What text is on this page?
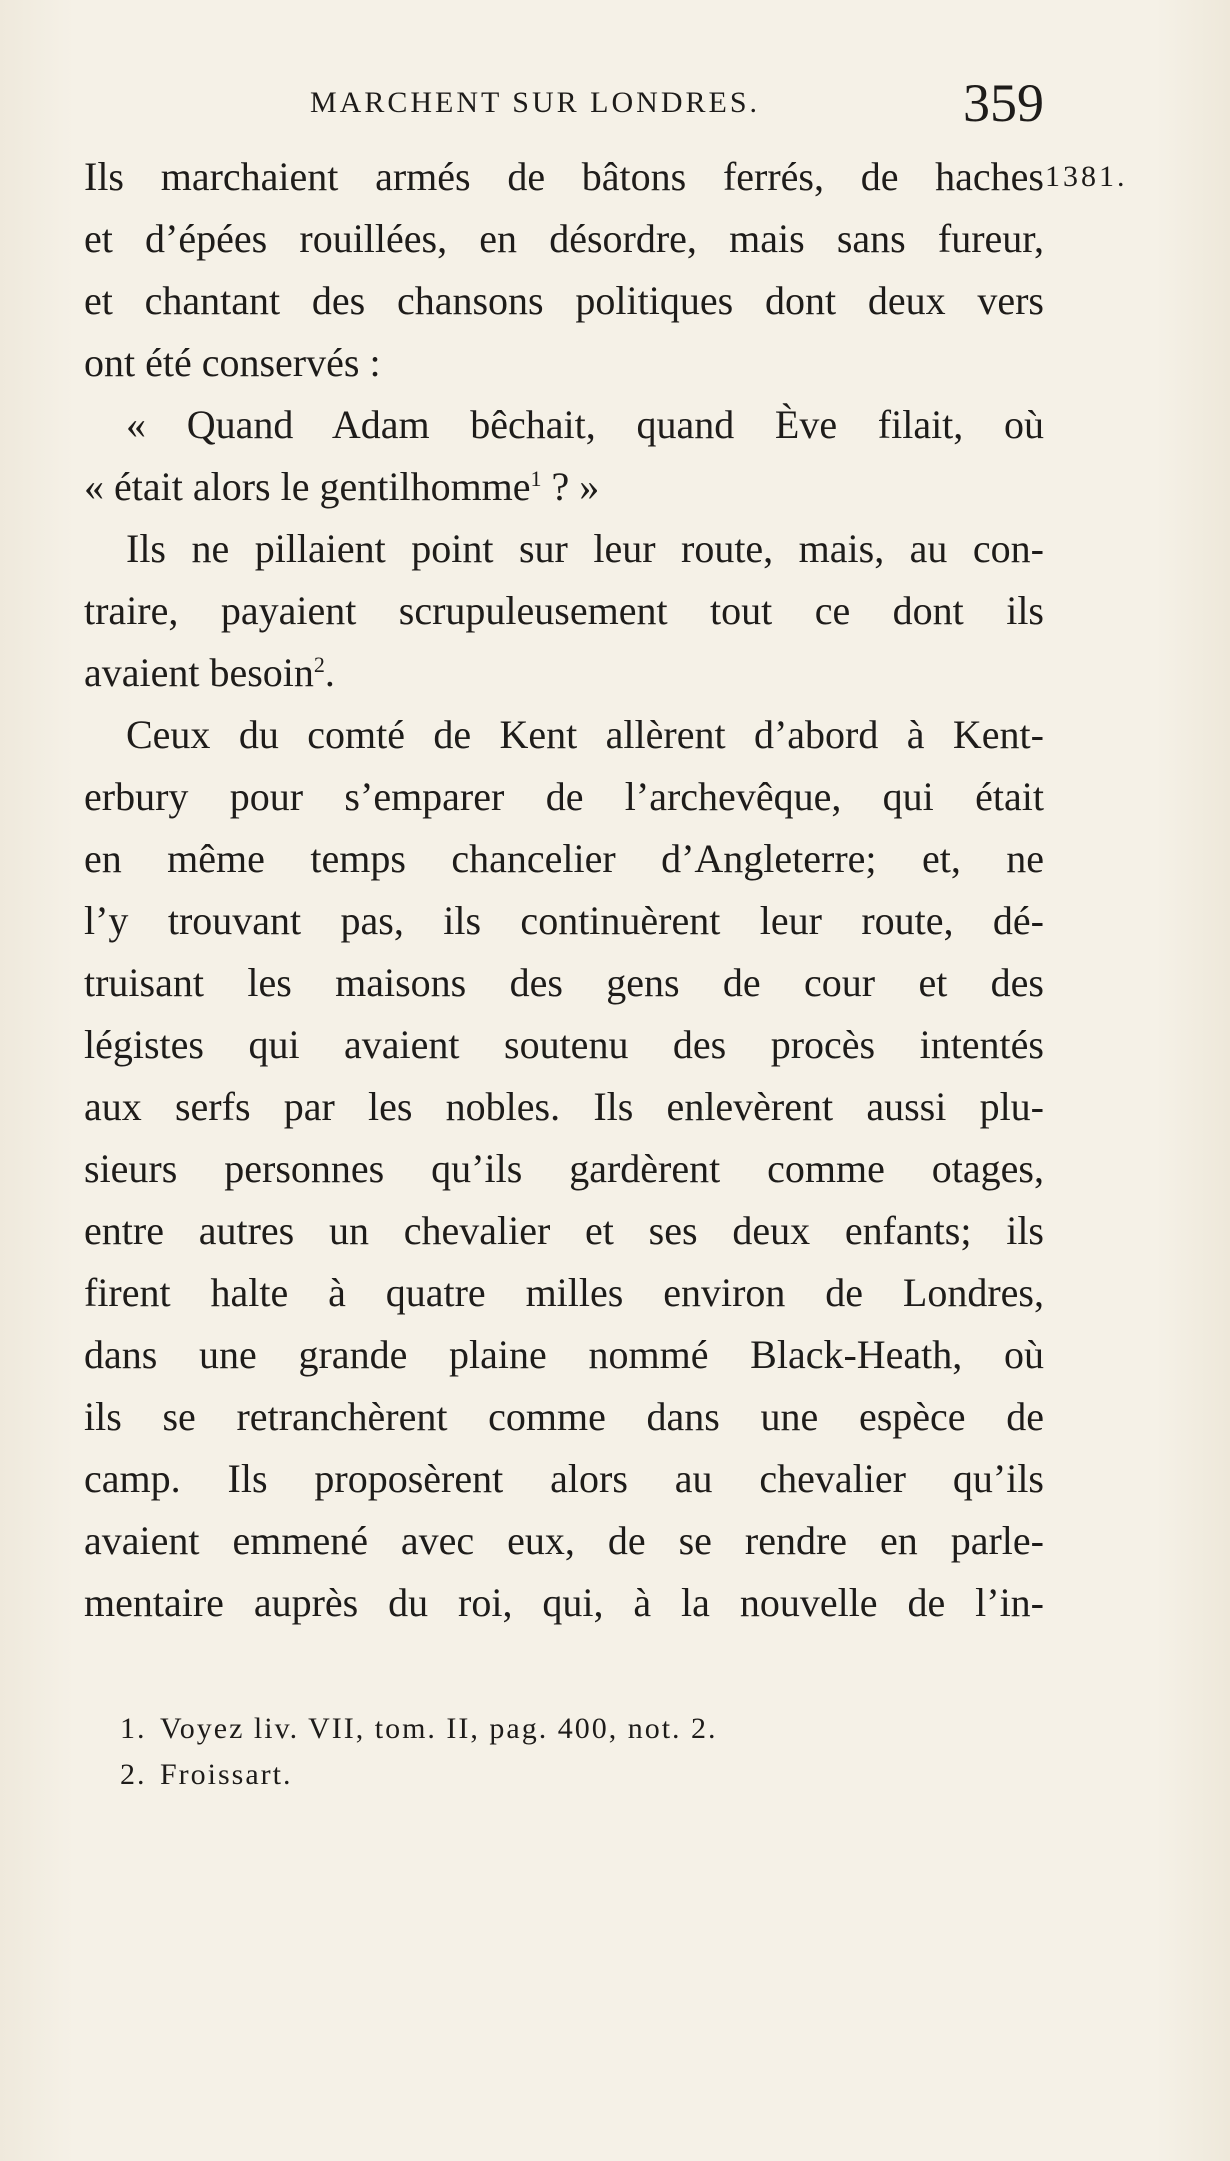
MARCHENT SUR LONDRES.	359
1381.
Ils marchaient armés de bâtons ferrés, de haches
et d’épées rouillées, en désordre, mais sans fureur,
et chantant des chansons politiques dont deux vers
ont été conservés :
« Quand Adam bêchait, quand Ève filait, où
« était alors le gentilhomme$^1$ ? »
Ils ne pillaient point sur leur route, mais, au con-
traire, payaient scrupuleusement tout ce dont ils
avaient besoin$^2$.
Ceux du comté de Kent allèrent d’abord à Kent-
erbury pour s’emparer de l’archevêque, qui était
en même temps chancelier d’Angleterre; et, ne
l’y trouvant pas, ils continuèrent leur route, dé-
truisant les maisons des gens de cour et des
légistes qui avaient soutenu des procès intentés
aux serfs par les nobles. Ils enlevèrent aussi plu-
sieurs personnes qu’ils gardèrent comme otages,
entre autres un chevalier et ses deux enfants; ils
firent halte à quatre milles environ de Londres,
dans une grande plaine nommé Black-Heath, où
ils se retranchèrent comme dans une espèce de
camp. Ils proposèrent alors au chevalier qu’ils
avaient emmené avec eux, de se rendre en parle-
mentaire auprès du roi, qui, à la nouvelle de l’in-
1. Voyez liv. VII, tom. II, pag. 400, not. 2.
2. Froissart.
